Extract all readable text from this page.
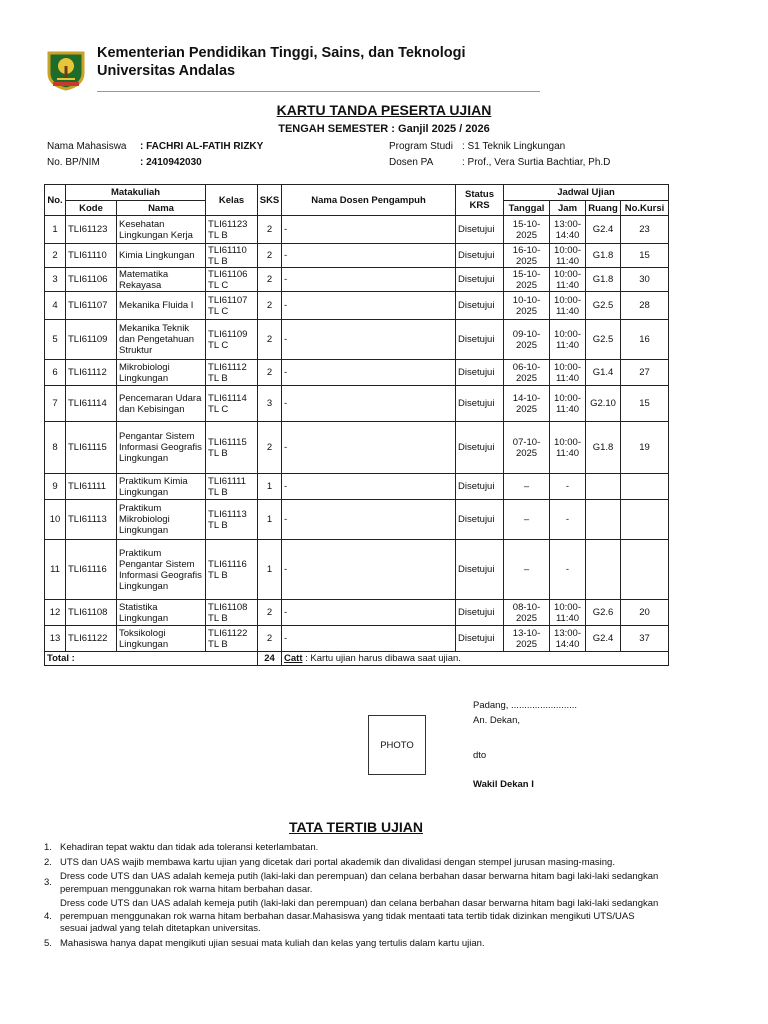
Kementerian Pendidikan Tinggi, Sains, dan Teknologi
Universitas Andalas
KARTU TANDA PESERTA UJIAN
TENGAH SEMESTER : Ganjil 2025 / 2026
Nama Mahasiswa : FACHRI AL-FATIH RIZKY
No. BP/NIM	: 2410942030
Program Studi : S1 Teknik Lingkungan
Dosen PA	: Prof., Vera Surtia Bachtiar, Ph.D
No.	Matakuliah		Kelas	SKS	Nama Dosen Pengampuh	Status KRS	Jadwal Ujian			
	Kode	Nama					Tanggal	Jam	Ruang	No.Kursi
1	TLI61123	Kesehatan Lingkungan Kerja	TLI61123 TL B	2	-	Disetujui	15-10-2025	13:00-14:40	G2.4	23
2	TLI61110	Kimia Lingkungan	TLI61110 TL B	2	-	Disetujui	16-10-2025	10:00-11:40	G1.8	15
3	TLI61106	Matematika Rekayasa	TLI61106 TL C	2	-	Disetujui	15-10-2025	10:00-11:40	G1.8	30
4	TLI61107	Mekanika Fluida I	TLI61107 TL C	2	-	Disetujui	10-10-2025	10:00-11:40	G2.5	28
5	TLI61109	Mekanika Teknik dan Pengetahuan Struktur	TLI61109 TL C	2	-	Disetujui	09-10-2025	10:00-11:40	G2.5	16
6	TLI61112	Mikrobiologi Lingkungan	TLI61112 TL B	2	-	Disetujui	06-10-2025	10:00-11:40	G1.4	27
7	TLI61114	Pencemaran Udara dan Kebisingan	TLI61114 TL C	3	-	Disetujui	14-10-2025	10:00-11:40	G2.10	15
8	TLI61115	Pengantar Sistem Informasi Geografis Lingkungan	TLI61115 TL B	2	-	Disetujui	07-10-2025	10:00-11:40	G1.8	19
9	TLI61111	Praktikum Kimia Lingkungan	TLI61111 TL B	1	-	Disetujui	–	-		
10	TLI61113	Praktikum Mikrobiologi Lingkungan	TLI61113 TL B	1	-	Disetujui	–	-		
11	TLI61116	Praktikum Pengantar Sistem Informasi Geografis Lingkungan	TLI61116 TL B	1	-	Disetujui	–	-		
12	TLI61108	Statistika Lingkungan	TLI61108 TL B	2	-	Disetujui	08-10-2025	10:00-11:40	G2.6	20
13	TLI61122	Toksikologi Lingkungan	TLI61122 TL B	2	-	Disetujui	13-10-2025	13:00-14:40	G2.4	37
Total :				24	Catt : Kartu ujian harus dibawa saat ujian.					
Padang, .........................
An. Dekan,
PHOTO
dto
Wakil Dekan I
TATA TERTIB UJIAN
1. Kehadiran tepat waktu dan tidak ada toleransi keterlambatan.
2. UTS dan UAS wajib membawa kartu ujian yang dicetak dari portal akademik dan divalidasi dengan stempel jurusan masing-masing.
3.
Dress code UTS dan UAS adalah kemeja putih (laki-laki dan perempuan) dan celana berbahan dasar berwarna hitam bagi laki-laki sedangkan perempuan menggunakan rok warna hitam berbahan dasar.
4.
Dress code UTS dan UAS adalah kemeja putih (laki-laki dan perempuan) dan celana berbahan dasar berwarna hitam bagi laki-laki sedangkan perempuan menggunakan rok warna hitam berbahan dasar.Mahasiswa yang tidak mentaati tata tertib tidak dizinkan mengikuti UTS/UAS sesuai jadwal yang telah ditetapkan universitas.
5. Mahasiswa hanya dapat mengikuti ujian sesuai mata kuliah dan kelas yang tertulis dalam kartu ujian.
